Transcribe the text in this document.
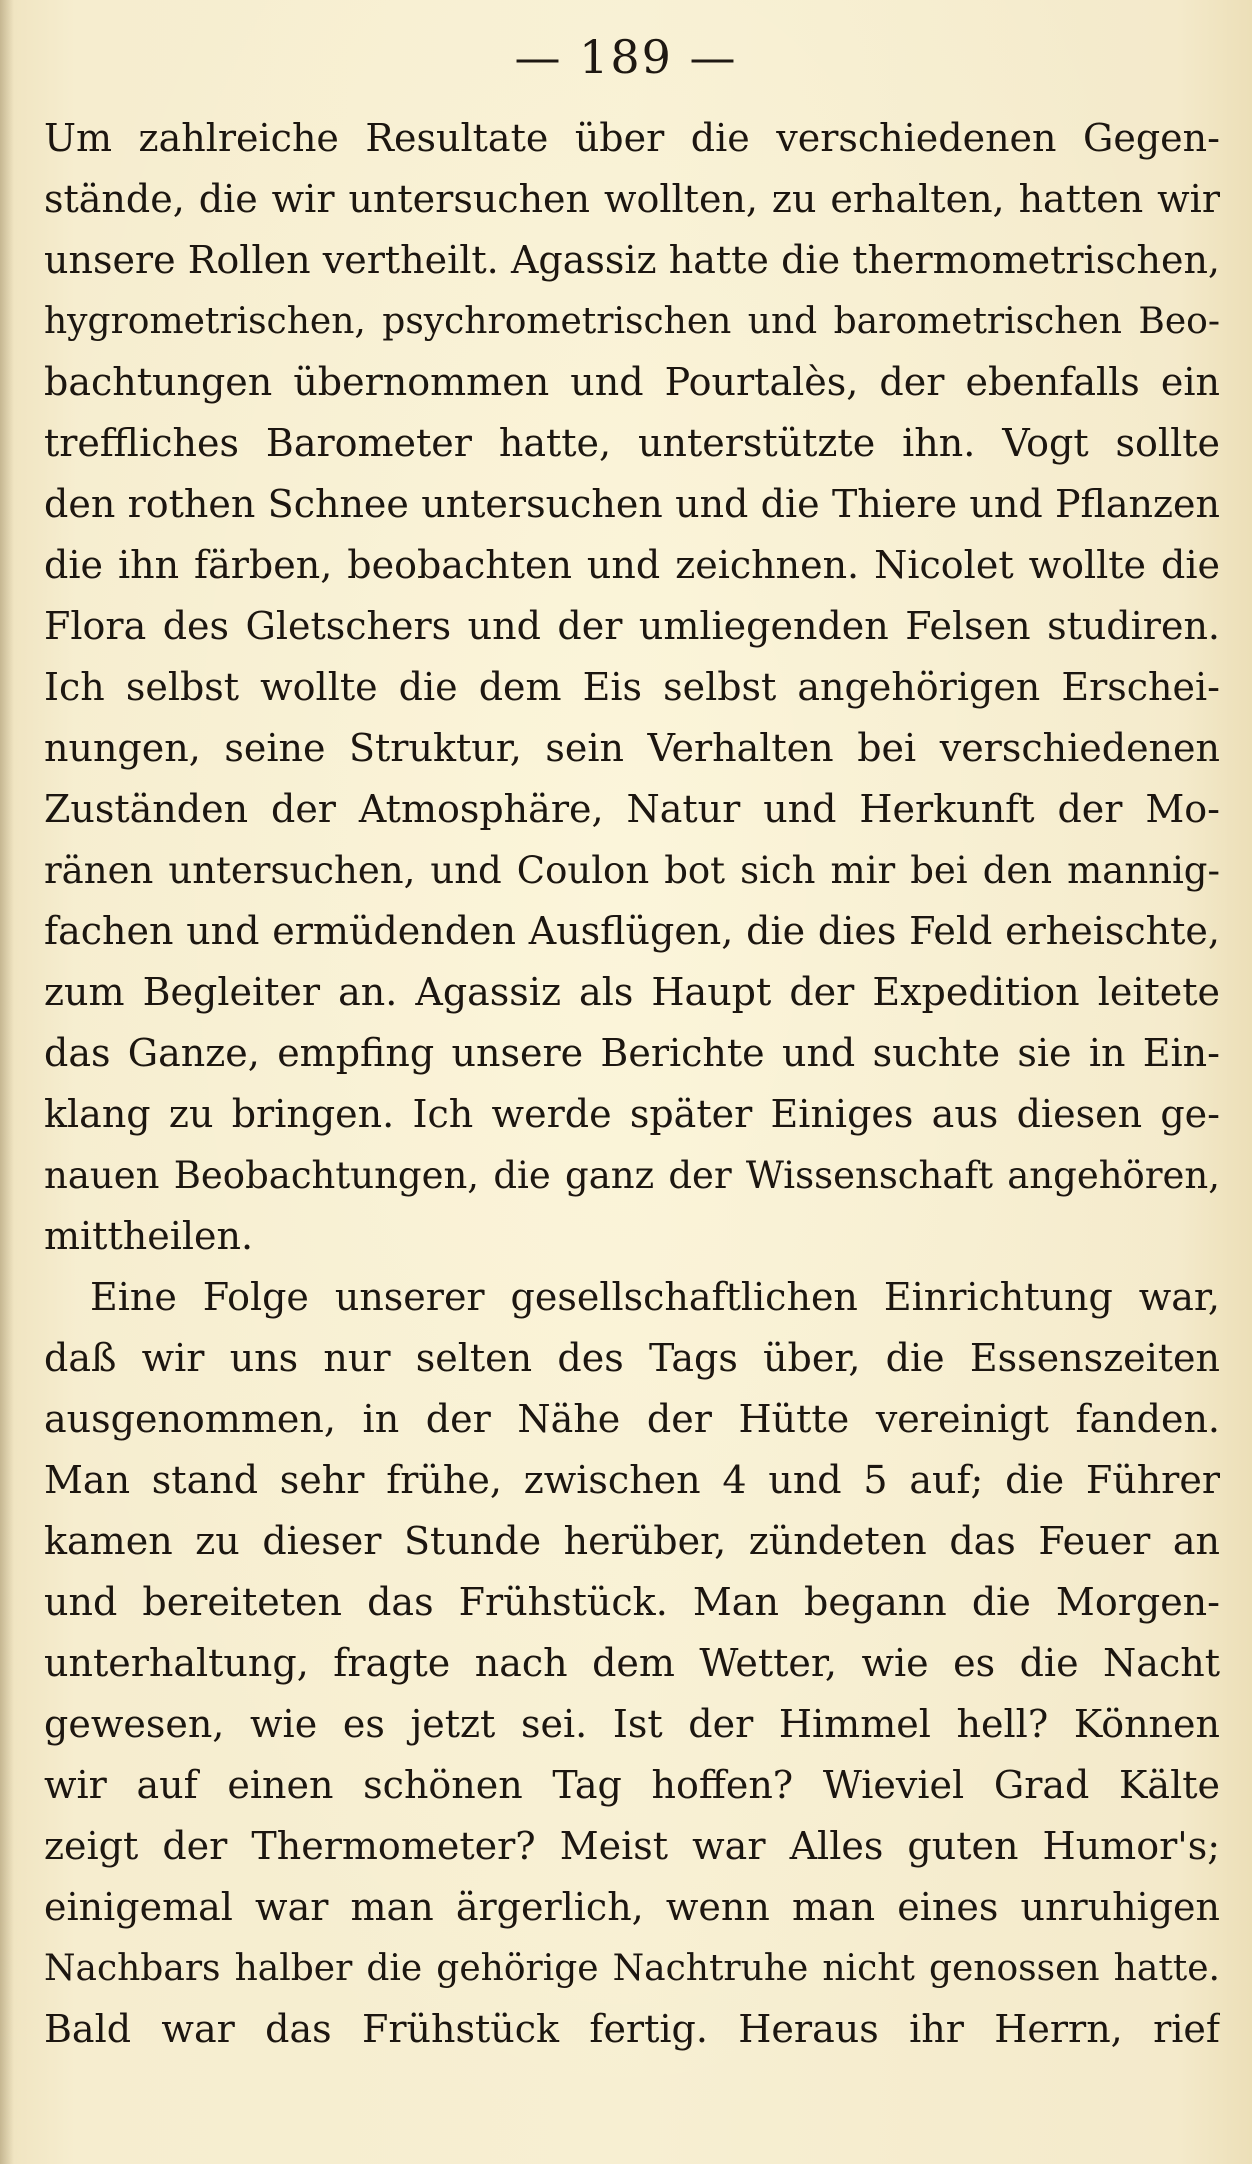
— 189 —
Um zahlreiche Resultate über die verschiedenen Gegen-
stände, die wir untersuchen wollten, zu erhalten, hatten wir
unsere Rollen vertheilt. Agassiz hatte die thermometrischen,
hygrometrischen, psychrometrischen und barometrischen Beo-
bachtungen übernommen und Pourtalès, der ebenfalls ein
treffliches Barometer hatte, unterstützte ihn. Vogt sollte
den rothen Schnee untersuchen und die Thiere und Pflanzen
die ihn färben, beobachten und zeichnen. Nicolet wollte die
Flora des Gletschers und der umliegenden Felsen studiren.
Ich selbst wollte die dem Eis selbst angehörigen Erschei-
nungen, seine Struktur, sein Verhalten bei verschiedenen
Zuständen der Atmosphäre, Natur und Herkunft der Mo-
ränen untersuchen, und Coulon bot sich mir bei den mannig-
fachen und ermüdenden Ausflügen, die dies Feld erheischte,
zum Begleiter an. Agassiz als Haupt der Expedition leitete
das Ganze, empfing unsere Berichte und suchte sie in Ein-
klang zu bringen. Ich werde später Einiges aus diesen ge-
nauen Beobachtungen, die ganz der Wissenschaft angehören,
mittheilen.
Eine Folge unserer gesellschaftlichen Einrichtung war,
daß wir uns nur selten des Tags über, die Essenszeiten
ausgenommen, in der Nähe der Hütte vereinigt fanden.
Man stand sehr frühe, zwischen 4 und 5 auf; die Führer
kamen zu dieser Stunde herüber, zündeten das Feuer an
und bereiteten das Frühstück. Man begann die Morgen-
unterhaltung, fragte nach dem Wetter, wie es die Nacht
gewesen, wie es jetzt sei. Ist der Himmel hell? Können
wir auf einen schönen Tag hoffen? Wieviel Grad Kälte
zeigt der Thermometer? Meist war Alles guten Humor's;
einigemal war man ärgerlich, wenn man eines unruhigen
Nachbars halber die gehörige Nachtruhe nicht genossen hatte.
Bald war das Frühstück fertig. Heraus ihr Herrn, rief
